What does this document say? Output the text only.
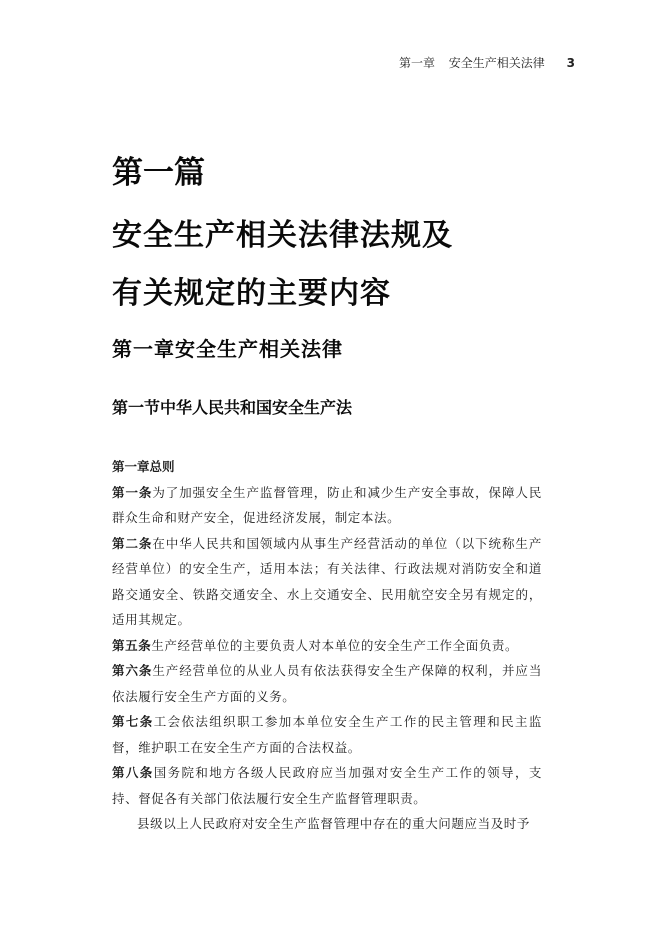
第一章 安全生产相关法律 3
第一篇
安全生产相关法律法规及
有关规定的主要内容
第一章安全生产相关法律
第一节中华人民共和国安全生产法

第一章总则

第一条为了加强安全生产监督管理，防止和减少生产安全事故，保障人民群众生命和财产安全，促进经济发展，制定本法。

第二条在中华人民共和国领域内从事生产经营活动的单位（以下统称生产经营单位）的安全生产，适用本法；有关法律、行政法规对消防安全和道路交通安全、铁路交通安全、水上交通安全、民用航空安全另有规定的，适用其规定。

第五条生产经营单位的主要负责人对本单位的安全生产工作全面负责。

第六条生产经营单位的从业人员有依法获得安全生产保障的权利，并应当依法履行安全生产方面的义务。

第七条工会依法组织职工参加本单位安全生产工作的民主管理和民主监督，维护职工在安全生产方面的合法权益。

第八条国务院和地方各级人民政府应当加强对安全生产工作的领导，支持、督促各有关部门依法履行安全生产监督管理职责。

县级以上人民政府对安全生产监督管理中存在的重大问题应当及时予
